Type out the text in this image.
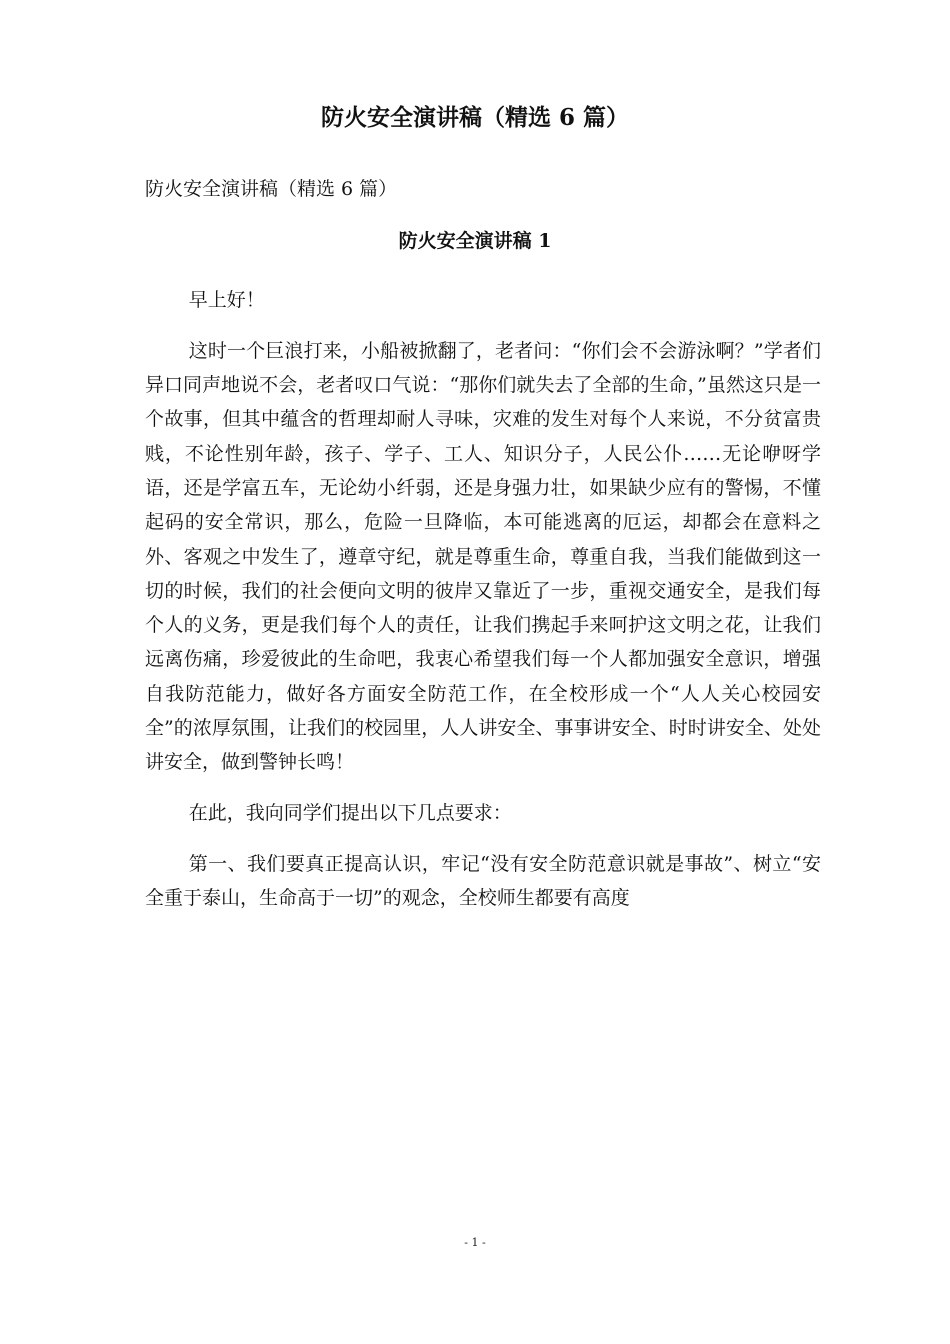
防火安全演讲稿（精选 6 篇）
防火安全演讲稿（精选 6 篇）
防火安全演讲稿 1

早上好！

这时一个巨浪打来，小船被掀翻了，老者问：“你们会不会游泳啊？”学者们异口同声地说不会，老者叹口气说：“那你们就失去了全部的生命，”虽然这只是一个故事，但其中蕴含的哲理却耐人寻味，灾难的发生对每个人来说，不分贫富贵贱，不论性别年龄，孩子、学子、工人、知识分子，人民公仆……无论咿呀学语，还是学富五车，无论幼小纤弱，还是身强力壮，如果缺少应有的警惕，不懂起码的安全常识，那么，危险一旦降临，本可能逃离的厄运，却都会在意料之外、客观之中发生了，遵章守纪，就是尊重生命，尊重自我，当我们能做到这一切的时候，我们的社会便向文明的彼岸又靠近了一步，重视交通安全，是我们每个人的义务，更是我们每个人的责任，让我们携起手来呵护这文明之花，让我们远离伤痛，珍爱彼此的生命吧，我衷心希望我们每一个人都加强安全意识，增强自我防范能力，做好各方面安全防范工作，在全校形成一个“人人关心校园安全”的浓厚氛围，让我们的校园里，人人讲安全、事事讲安全、时时讲安全、处处讲安全，做到警钟长鸣！

在此，我向同学们提出以下几点要求：

第一、我们要真正提高认识，牢记“没有安全防范意识就是事故”、树立“安全重于泰山，生命高于一切”的观念，全校师生都要有高度

- 1 -
